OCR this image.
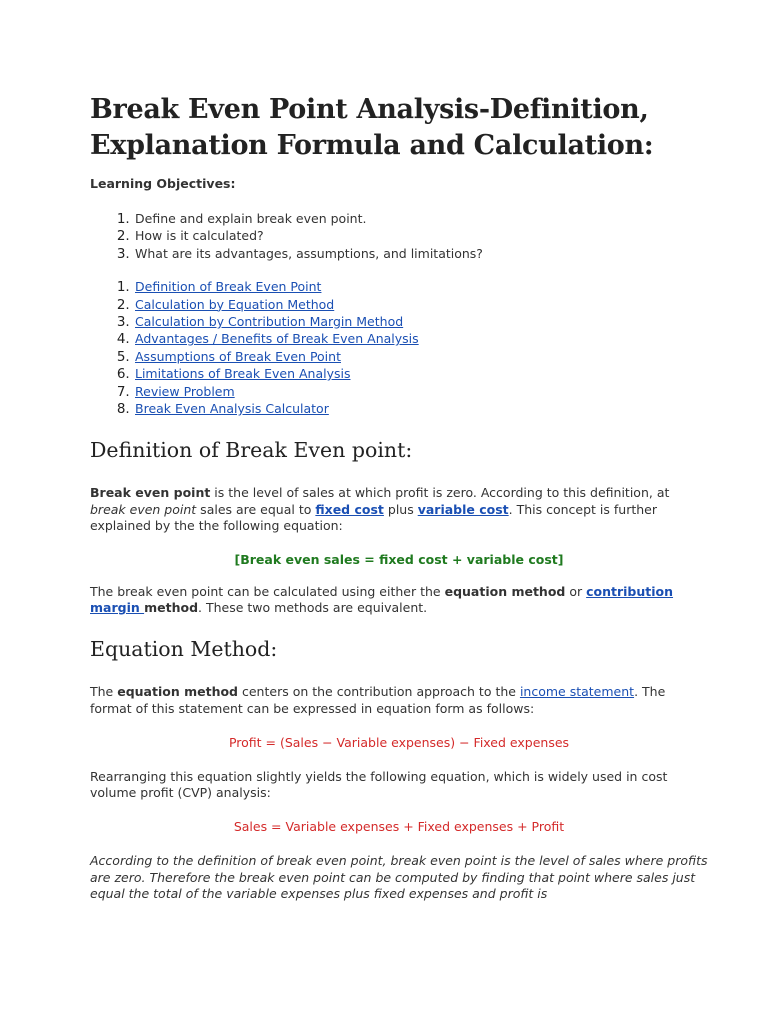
Break Even Point Analysis-Definition, Explanation Formula and Calculation:
Learning Objectives:
1. Define and explain break even point.
2. How is it calculated?
3. What are its advantages, assumptions, and limitations?
1. Definition of Break Even Point
2. Calculation by Equation Method
3. Calculation by Contribution Margin Method
4. Advantages / Benefits of Break Even Analysis
5. Assumptions of Break Even Point
6. Limitations of Break Even Analysis
7. Review Problem
8. Break Even Analysis Calculator
Definition of Break Even point:

Break even point is the level of sales at which profit is zero. According to this definition, at break even point sales are equal to fixed cost plus variable cost. This concept is further explained by the the following equation:

[Break even sales = fixed cost + variable cost]

The break even point can be calculated using either the equation method or contribution margin method. These two methods are equivalent.

Equation Method:

The equation method centers on the contribution approach to the income statement. The format of this statement can be expressed in equation form as follows:

Profit = (Sales − Variable expenses) − Fixed expenses

Rearranging this equation slightly yields the following equation, which is widely used in cost volume profit (CVP) analysis:

Sales = Variable expenses + Fixed expenses + Profit

According to the definition of break even point, break even point is the level of sales where profits are zero. Therefore the break even point can be computed by finding that point where sales just equal the total of the variable expenses plus fixed expenses and profit is
